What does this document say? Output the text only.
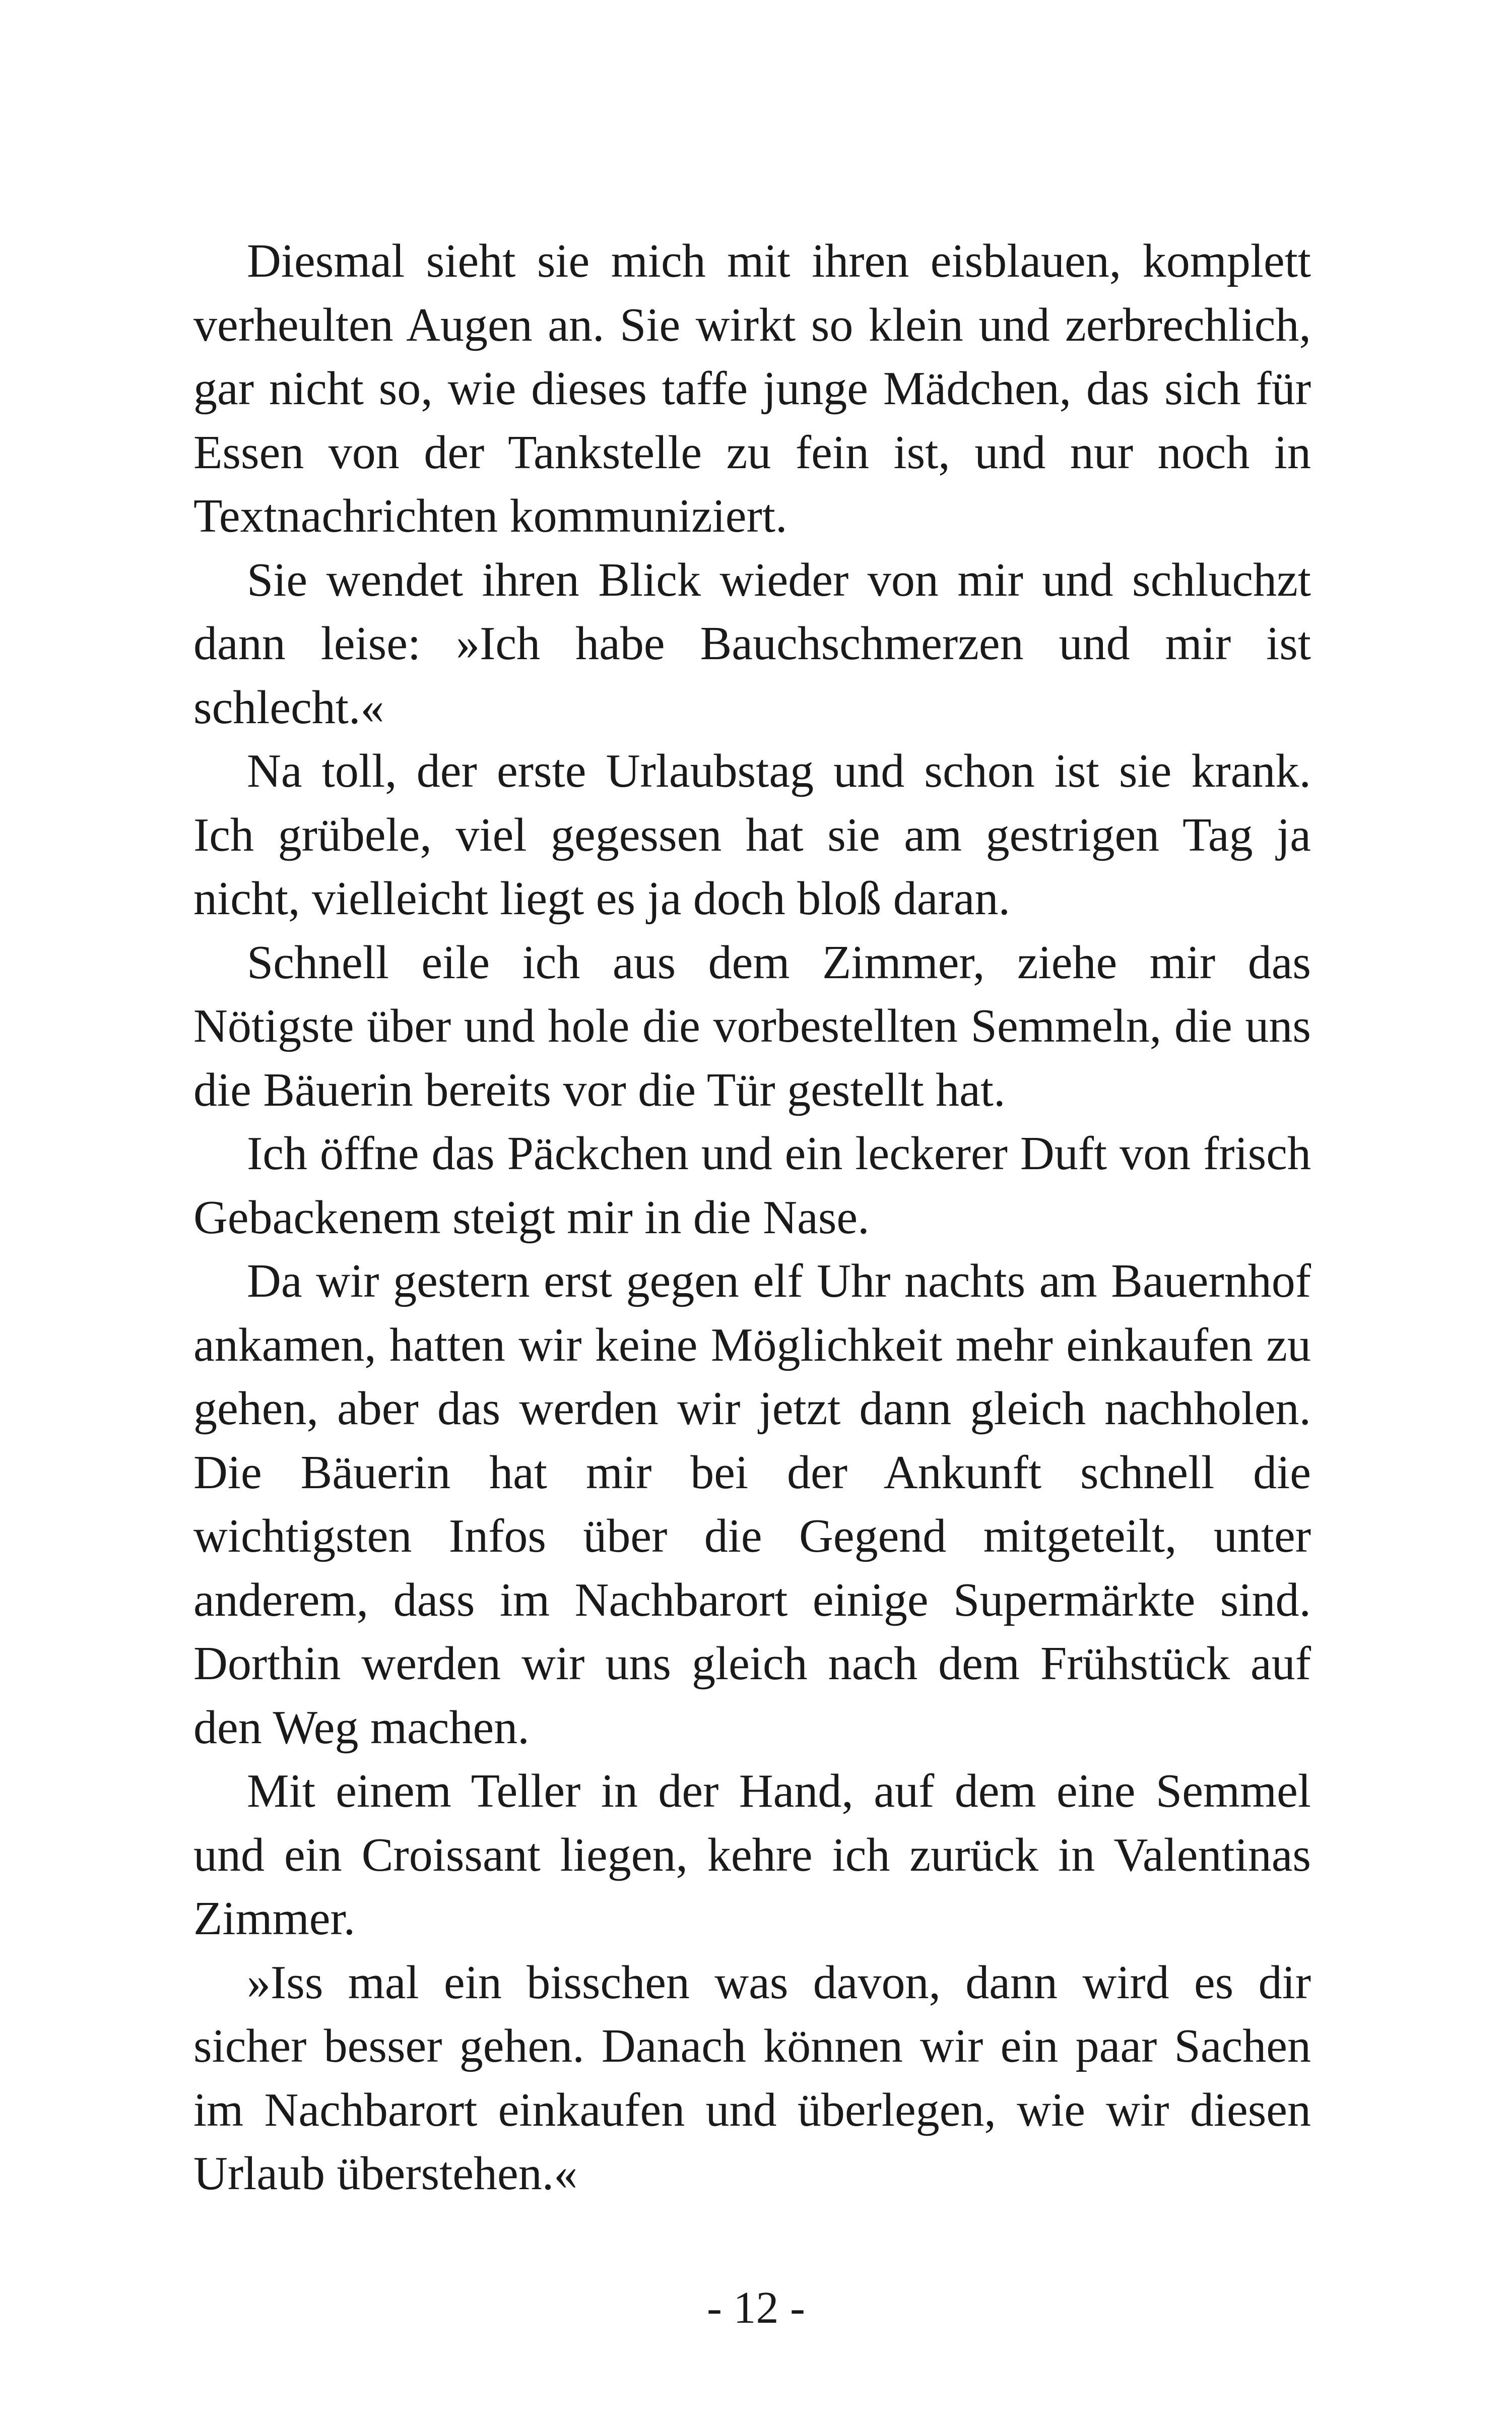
Diesmal sieht sie mich mit ihren eisblauen, komplett verheulten Augen an. Sie wirkt so klein und zerbrechlich, gar nicht so, wie dieses taffe junge Mädchen, das sich für Essen von der Tankstelle zu fein ist, und nur noch in Textnachrichten kommuniziert.

Sie wendet ihren Blick wieder von mir und schluchzt dann leise: »Ich habe Bauchschmerzen und mir ist schlecht.«

Na toll, der erste Urlaubstag und schon ist sie krank. Ich grübele, viel gegessen hat sie am gestrigen Tag ja nicht, vielleicht liegt es ja doch bloß daran.

Schnell eile ich aus dem Zimmer, ziehe mir das Nötigste über und hole die vorbestellten Semmeln, die uns die Bäuerin bereits vor die Tür gestellt hat.

Ich öffne das Päckchen und ein leckerer Duft von frisch Gebackenem steigt mir in die Nase.

Da wir gestern erst gegen elf Uhr nachts am Bauernhof ankamen, hatten wir keine Möglichkeit mehr einkaufen zu gehen, aber das werden wir jetzt dann gleich nachholen. Die Bäuerin hat mir bei der Ankunft schnell die wichtigsten Infos über die Gegend mitgeteilt, unter anderem, dass im Nachbarort einige Supermärkte sind. Dorthin werden wir uns gleich nach dem Frühstück auf den Weg machen.

Mit einem Teller in der Hand, auf dem eine Semmel und ein Croissant liegen, kehre ich zurück in Valentinas Zimmer.

»Iss mal ein bisschen was davon, dann wird es dir sicher besser gehen. Danach können wir ein paar Sachen im Nachbarort einkaufen und überlegen, wie wir diesen Urlaub überstehen.«

- 12 -
